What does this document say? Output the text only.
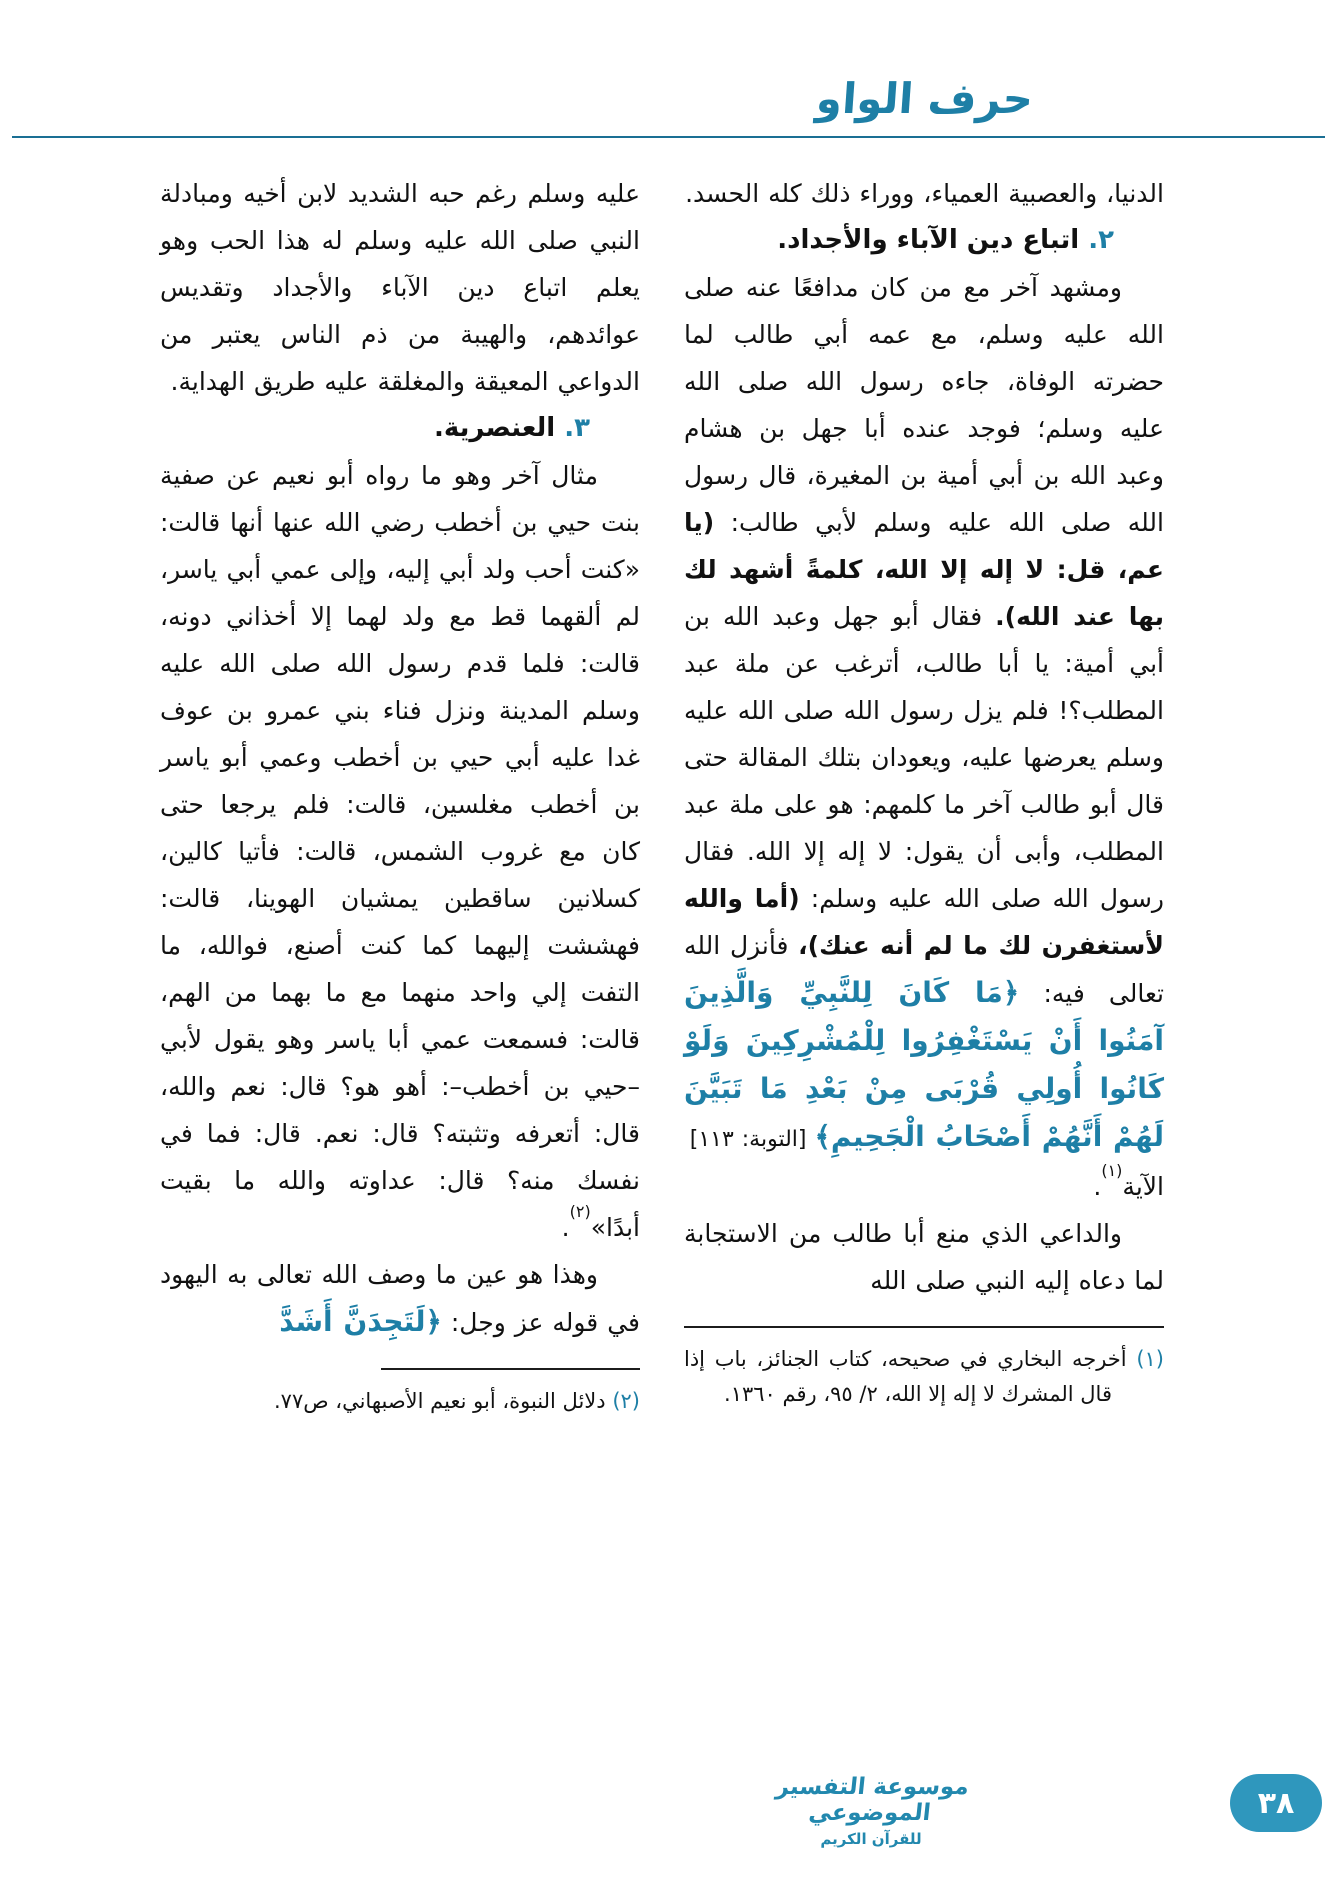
حرف الواو

الدنيا، والعصبية العمياء، ووراء ذلك كله الحسد.

٢. اتباع دين الآباء والأجداد.

ومشهد آخر مع من كان مدافعًا عنه صلى الله عليه وسلم، مع عمه أبي طالب لما حضرته الوفاة، جاءه رسول الله صلى الله عليه وسلم؛ فوجد عنده أبا جهل بن هشام وعبد الله بن أبي أمية بن المغيرة، قال رسول الله صلى الله عليه وسلم لأبي طالب: (يا عم، قل: لا إله إلا الله، كلمةً أشهد لك بها عند الله). فقال أبو جهل وعبد الله بن أبي أمية: يا أبا طالب، أترغب عن ملة عبد المطلب؟! فلم يزل رسول الله صلى الله عليه وسلم يعرضها عليه، ويعودان بتلك المقالة حتى قال أبو طالب آخر ما كلمهم: هو على ملة عبد المطلب، وأبى أن يقول: لا إله إلا الله. فقال رسول الله صلى الله عليه وسلم: (أما والله لأستغفرن لك ما لم أنه عنك)، فأنزل الله تعالى فيه: ﴿مَا كَانَ لِلنَّبِيِّ وَالَّذِينَ آمَنُوا أَنْ يَسْتَغْفِرُوا لِلْمُشْرِكِينَ وَلَوْ كَانُوا أُولِي قُرْبَى مِنْ بَعْدِ مَا تَبَيَّنَ لَهُمْ أَنَّهُمْ أَصْحَابُ الْجَحِيمِ﴾ [التوبة: ١١٣]

الآية$^{(١)}$.

والداعي الذي منع أبا طالب من الاستجابة لما دعاه إليه النبي صلى الله

(١) أخرجه البخاري في صحيحه، كتاب الجنائز، باب إذا قال المشرك لا إله إلا الله، ٢/ ٩٥، رقم ١٣٦٠.

عليه وسلم رغم حبه الشديد لابن أخيه ومبادلة النبي صلى الله عليه وسلم له هذا الحب وهو يعلم اتباع دين الآباء والأجداد وتقديس عوائدهم، والهيبة من ذم الناس يعتبر من الدواعي المعيقة والمغلقة عليه طريق الهداية.

٣. العنصرية.

مثال آخر وهو ما رواه أبو نعيم عن صفية بنت حيي بن أخطب رضي الله عنها أنها قالت: «كنت أحب ولد أبي إليه، وإلى عمي أبي ياسر، لم ألقهما قط مع ولد لهما إلا أخذاني دونه، قالت: فلما قدم رسول الله صلى الله عليه وسلم المدينة ونزل فناء بني عمرو بن عوف غدا عليه أبي حيي بن أخطب وعمي أبو ياسر بن أخطب مغلسين، قالت: فلم يرجعا حتى كان مع غروب الشمس، قالت: فأتيا كالين، كسلانين ساقطين يمشيان الهوينا، قالت: فهششت إليهما كما كنت أصنع، فوالله، ما التفت إلي واحد منهما مع ما بهما من الهم، قالت: فسمعت عمي أبا ياسر وهو يقول لأبي –حيي بن أخطب–: أهو هو؟ قال: نعم والله، قال: أتعرفه وتثبته؟ قال: نعم. قال: فما في نفسك منه؟ قال: عداوته والله ما بقيت أبدًا»$^{(٢)}$.

وهذا هو عين ما وصف الله تعالى به اليهود في قوله عز وجل: ﴿لَتَجِدَنَّ أَشَدَّ

(٢) دلائل النبوة، أبو نعيم الأصبهاني، ص٧٧.
موسوعة التفسير الموضوعي
للقرآن الكريم
٣٨
